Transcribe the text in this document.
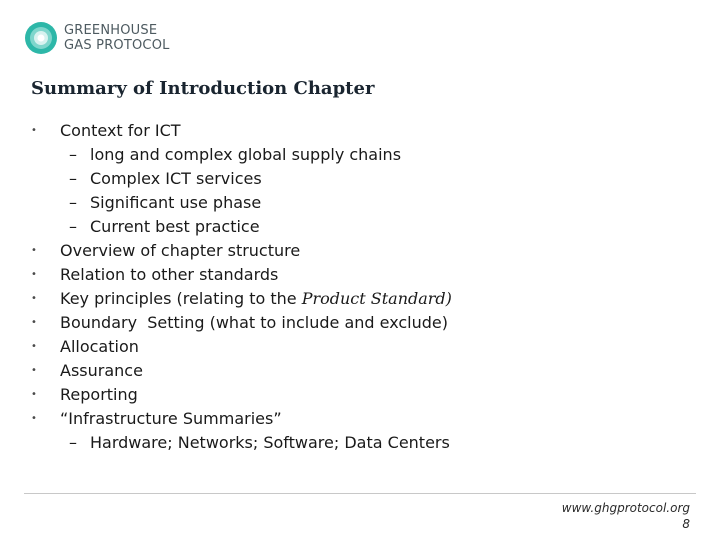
GREENHOUSE
GAS PROTOCOL
Summary of Introduction Chapter
• Context for ICT
– long and complex global supply chains
– Complex ICT services
– Significant use phase
– Current best practice
• Overview of chapter structure
• Relation to other standards
• Key principles (relating to the Product Standard)
• Boundary  Setting (what to include and exclude)
• Allocation
• Assurance
• Reporting
• “Infrastructure Summaries”
– Hardware; Networks; Software; Data Centers
www.ghgprotocol.org
8
